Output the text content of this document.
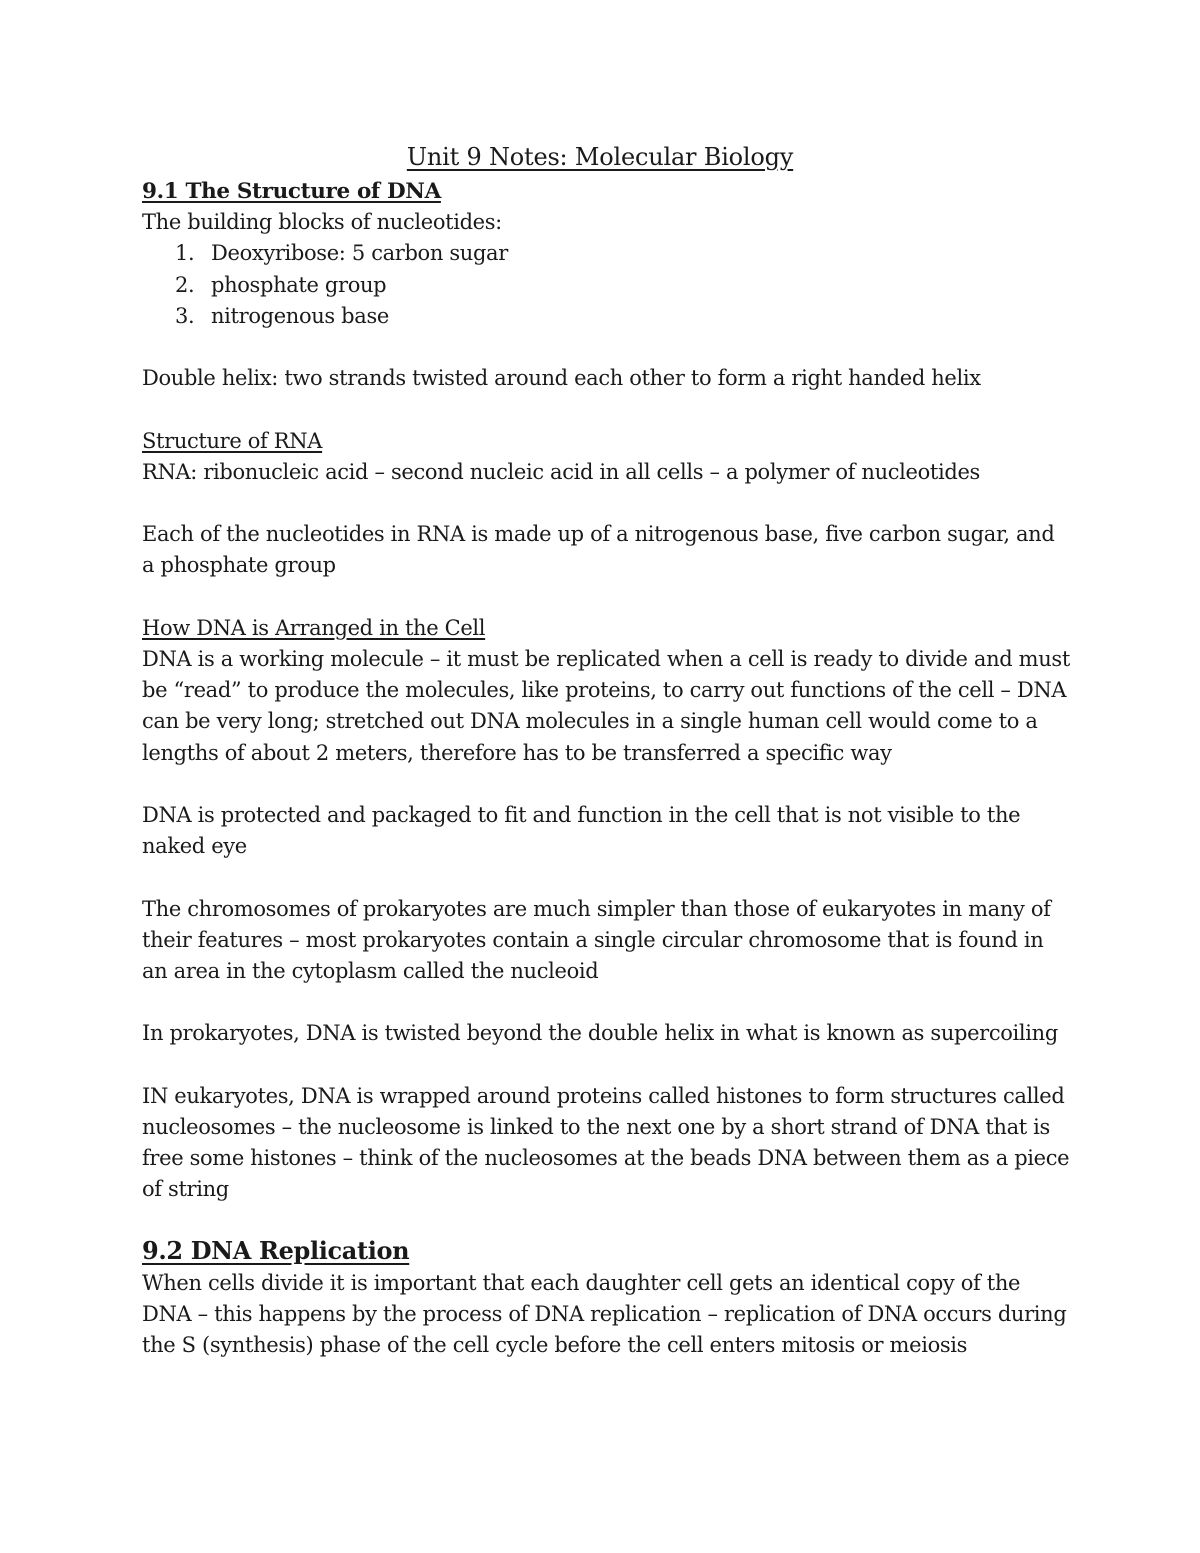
Unit 9 Notes: Molecular Biology
9.1 The Structure of DNA

The building blocks of nucleotides:

1. Deoxyribose: 5 carbon sugar
2. phosphate group
3. nitrogenous base

Double helix: two strands twisted around each other to form a right handed helix

Structure of RNA

RNA: ribonucleic acid – second nucleic acid in all cells – a polymer of nucleotides

Each of the nucleotides in RNA is made up of a nitrogenous base, five carbon sugar, and a phosphate group

How DNA is Arranged in the Cell

DNA is a working molecule – it must be replicated when a cell is ready to divide and must be “read” to produce the molecules, like proteins, to carry out functions of the cell – DNA can be very long; stretched out DNA molecules in a single human cell would come to a lengths of about 2 meters, therefore has to be transferred a specific way

DNA is protected and packaged to fit and function in the cell that is not visible to the naked eye

The chromosomes of prokaryotes are much simpler than those of eukaryotes in many of their features – most prokaryotes contain a single circular chromosome that is found in an area in the cytoplasm called the nucleoid

In prokaryotes, DNA is twisted beyond the double helix in what is known as supercoiling

IN eukaryotes, DNA is wrapped around proteins called histones to form structures called nucleosomes – the nucleosome is linked to the next one by a short strand of DNA that is free some histones – think of the nucleosomes at the beads DNA between them as a piece of string

9.2 DNA Replication

When cells divide it is important that each daughter cell gets an identical copy of the DNA – this happens by the process of DNA replication – replication of DNA occurs during the S (synthesis) phase of the cell cycle before the cell enters mitosis or meiosis
